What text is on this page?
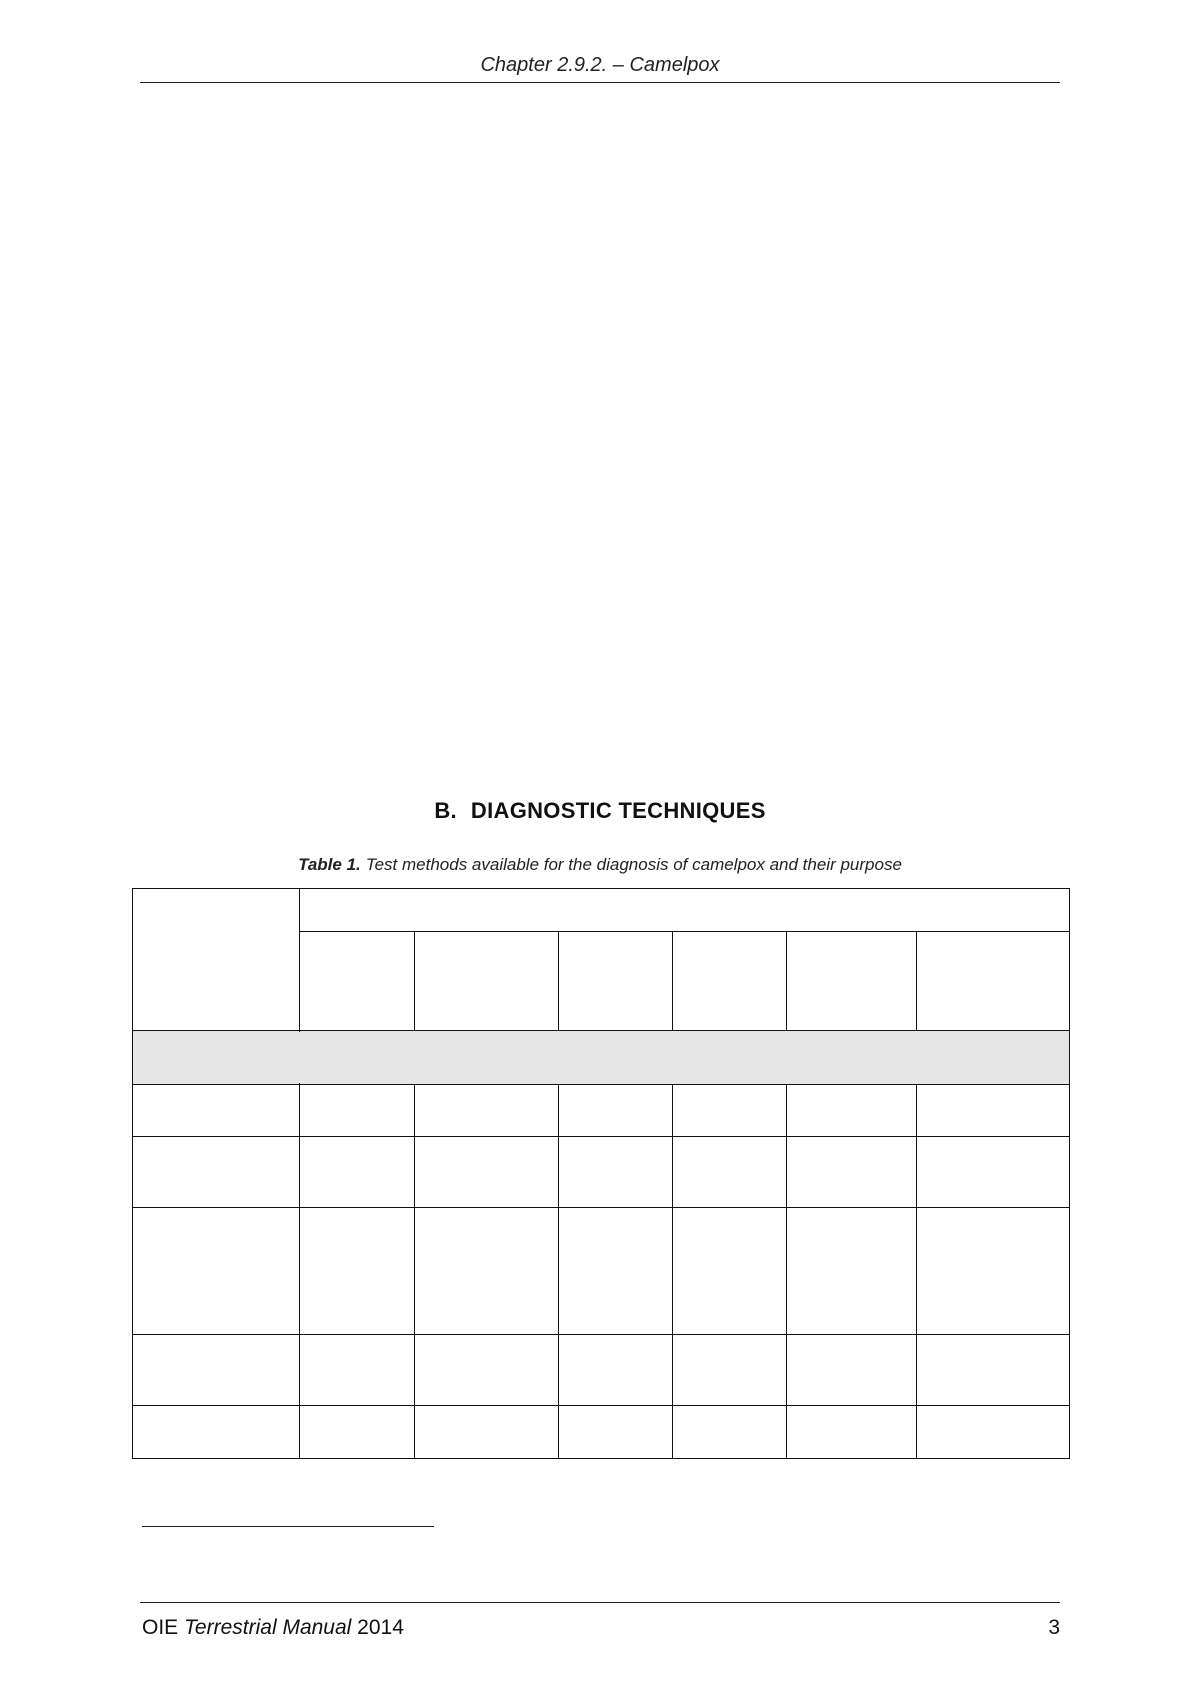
Chapter 2.9.2. – Camelpox
B. DIAGNOSTIC TECHNIQUES
Table 1. Test methods available for the diagnosis of camelpox and their purpose
OIE Terrestrial Manual 2014	3
